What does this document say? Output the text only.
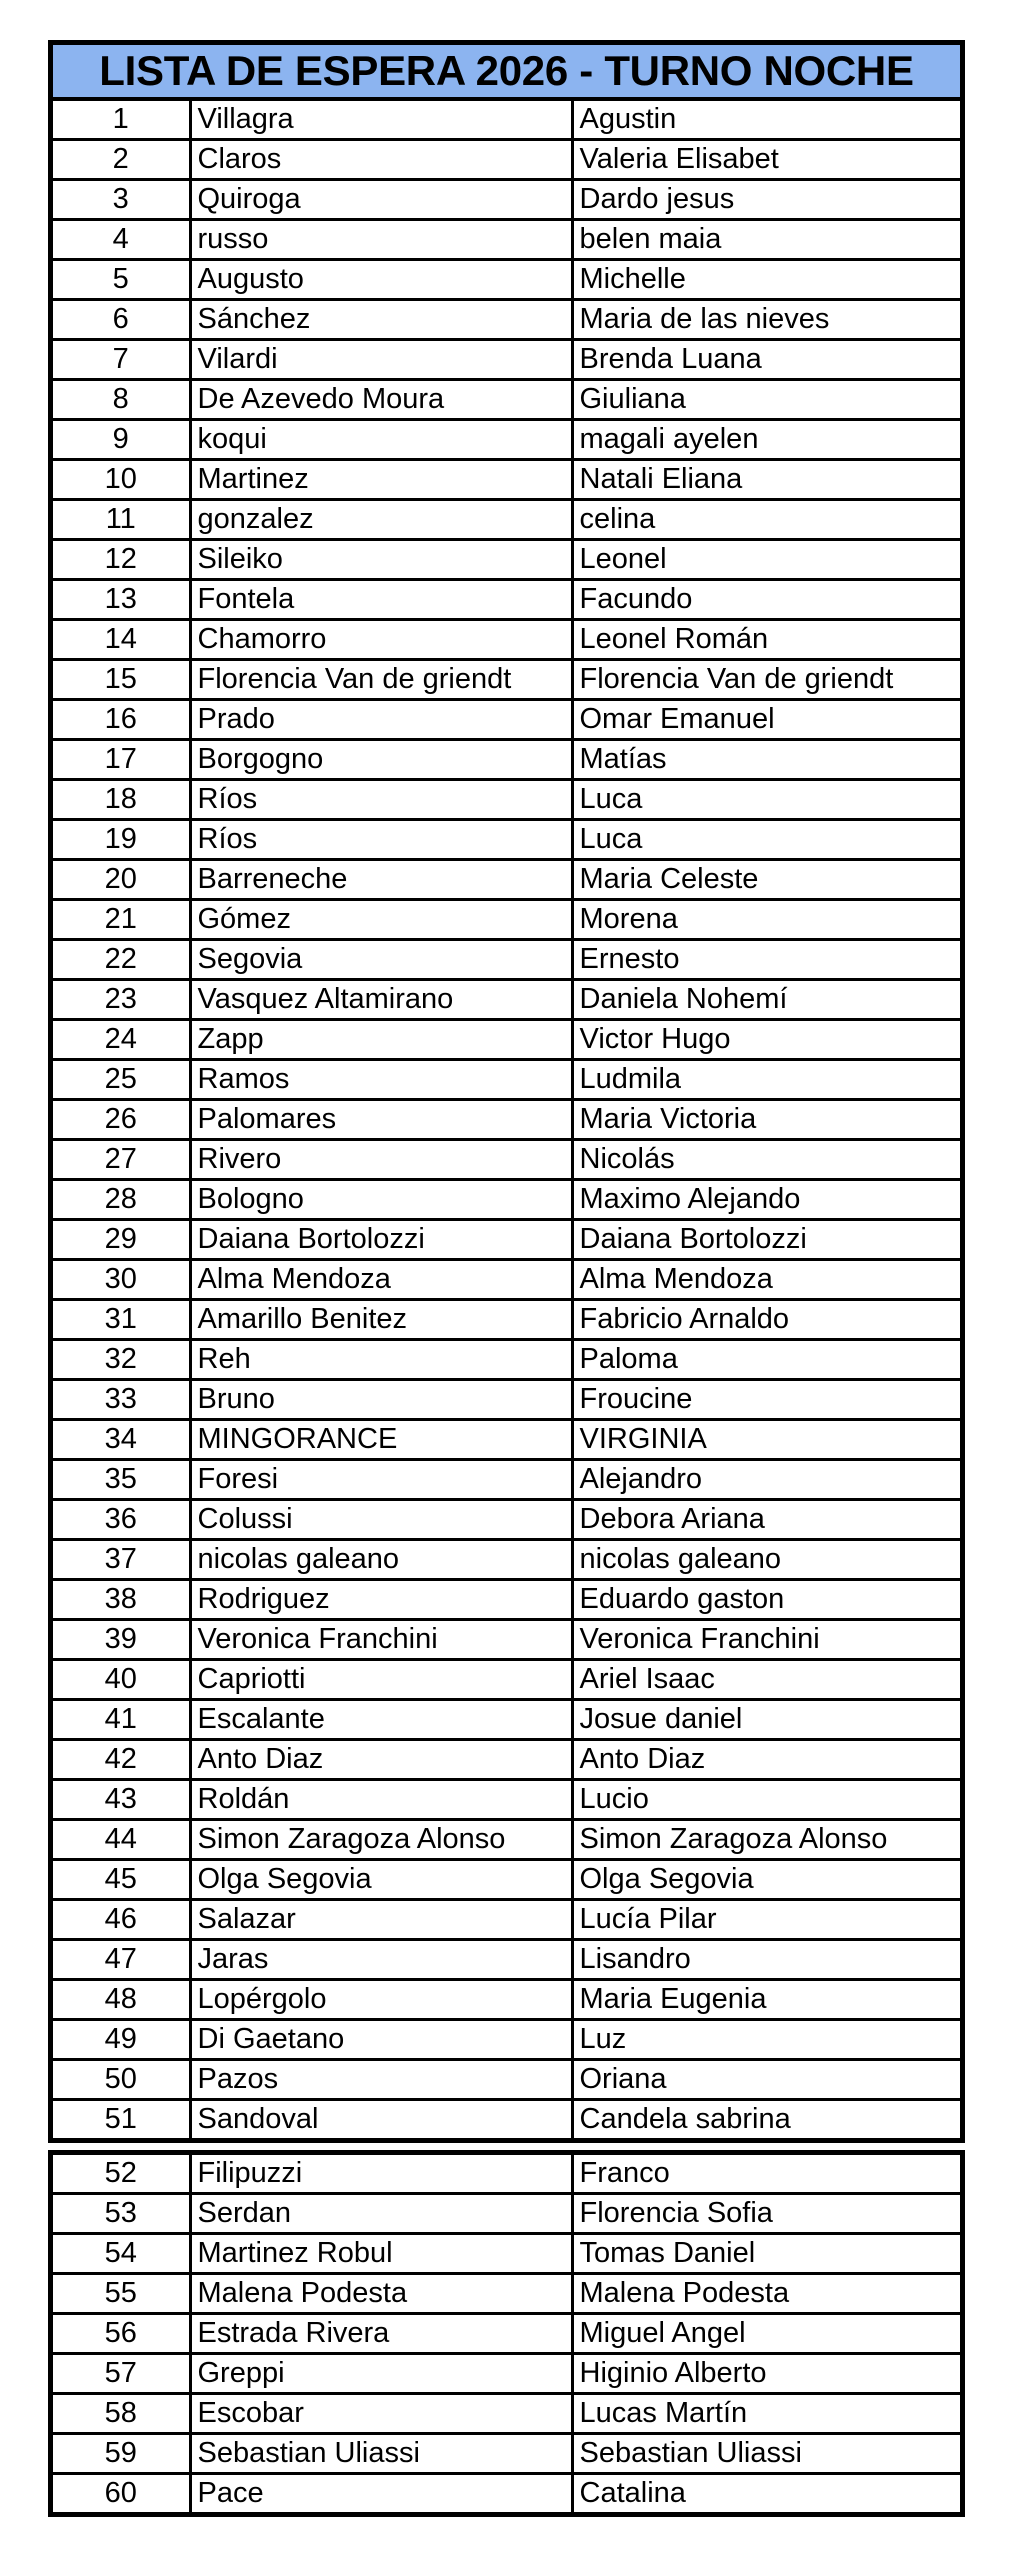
LISTA DE ESPERA 2026 - TURNO NOCHE
1	Villagra	Agustin
2	Claros	Valeria Elisabet
3	Quiroga	Dardo jesus
4	russo	belen maia
5	Augusto	Michelle
6	Sánchez	Maria de las nieves
7	Vilardi	Brenda Luana
8	De Azevedo Moura	Giuliana
9	koqui	magali ayelen
10	Martinez	Natali Eliana
11	gonzalez	celina
12	Sileiko	Leonel
13	Fontela	Facundo
14	Chamorro	Leonel Román
15	Florencia Van de griendt	Florencia Van de griendt
16	Prado	Omar Emanuel
17	Borgogno	Matías
18	Ríos	Luca
19	Ríos	Luca
20	Barreneche	Maria Celeste
21	Gómez	Morena
22	Segovia	Ernesto
23	Vasquez Altamirano	Daniela Nohemí
24	Zapp	Victor Hugo
25	Ramos	Ludmila
26	Palomares	Maria Victoria
27	Rivero	Nicolás
28	Bologno	Maximo Alejando
29	Daiana Bortolozzi	Daiana Bortolozzi
30	Alma Mendoza	Alma Mendoza
31	Amarillo Benitez	Fabricio Arnaldo
32	Reh	Paloma
33	Bruno	Froucine
34	MINGORANCE	VIRGINIA
35	Foresi	Alejandro
36	Colussi	Debora Ariana
37	nicolas galeano	nicolas galeano
38	Rodriguez	Eduardo gaston
39	Veronica Franchini	Veronica Franchini
40	Capriotti	Ariel Isaac
41	Escalante	Josue daniel
42	Anto Diaz	Anto Diaz
43	Roldán	Lucio
44	Simon Zaragoza Alonso	Simon Zaragoza Alonso
45	Olga Segovia	Olga Segovia
46	Salazar	Lucía Pilar
47	Jaras	Lisandro
48	Lopérgolo	Maria Eugenia
49	Di Gaetano	Luz
50	Pazos	Oriana
51	Sandoval	Candela sabrina
52	Filipuzzi	Franco
53	Serdan	Florencia Sofia
54	Martinez Robul	Tomas Daniel
55	Malena Podesta	Malena Podesta
56	Estrada Rivera	Miguel Angel
57	Greppi	Higinio Alberto
58	Escobar	Lucas Martín
59	Sebastian Uliassi	Sebastian Uliassi
60	Pace	Catalina
